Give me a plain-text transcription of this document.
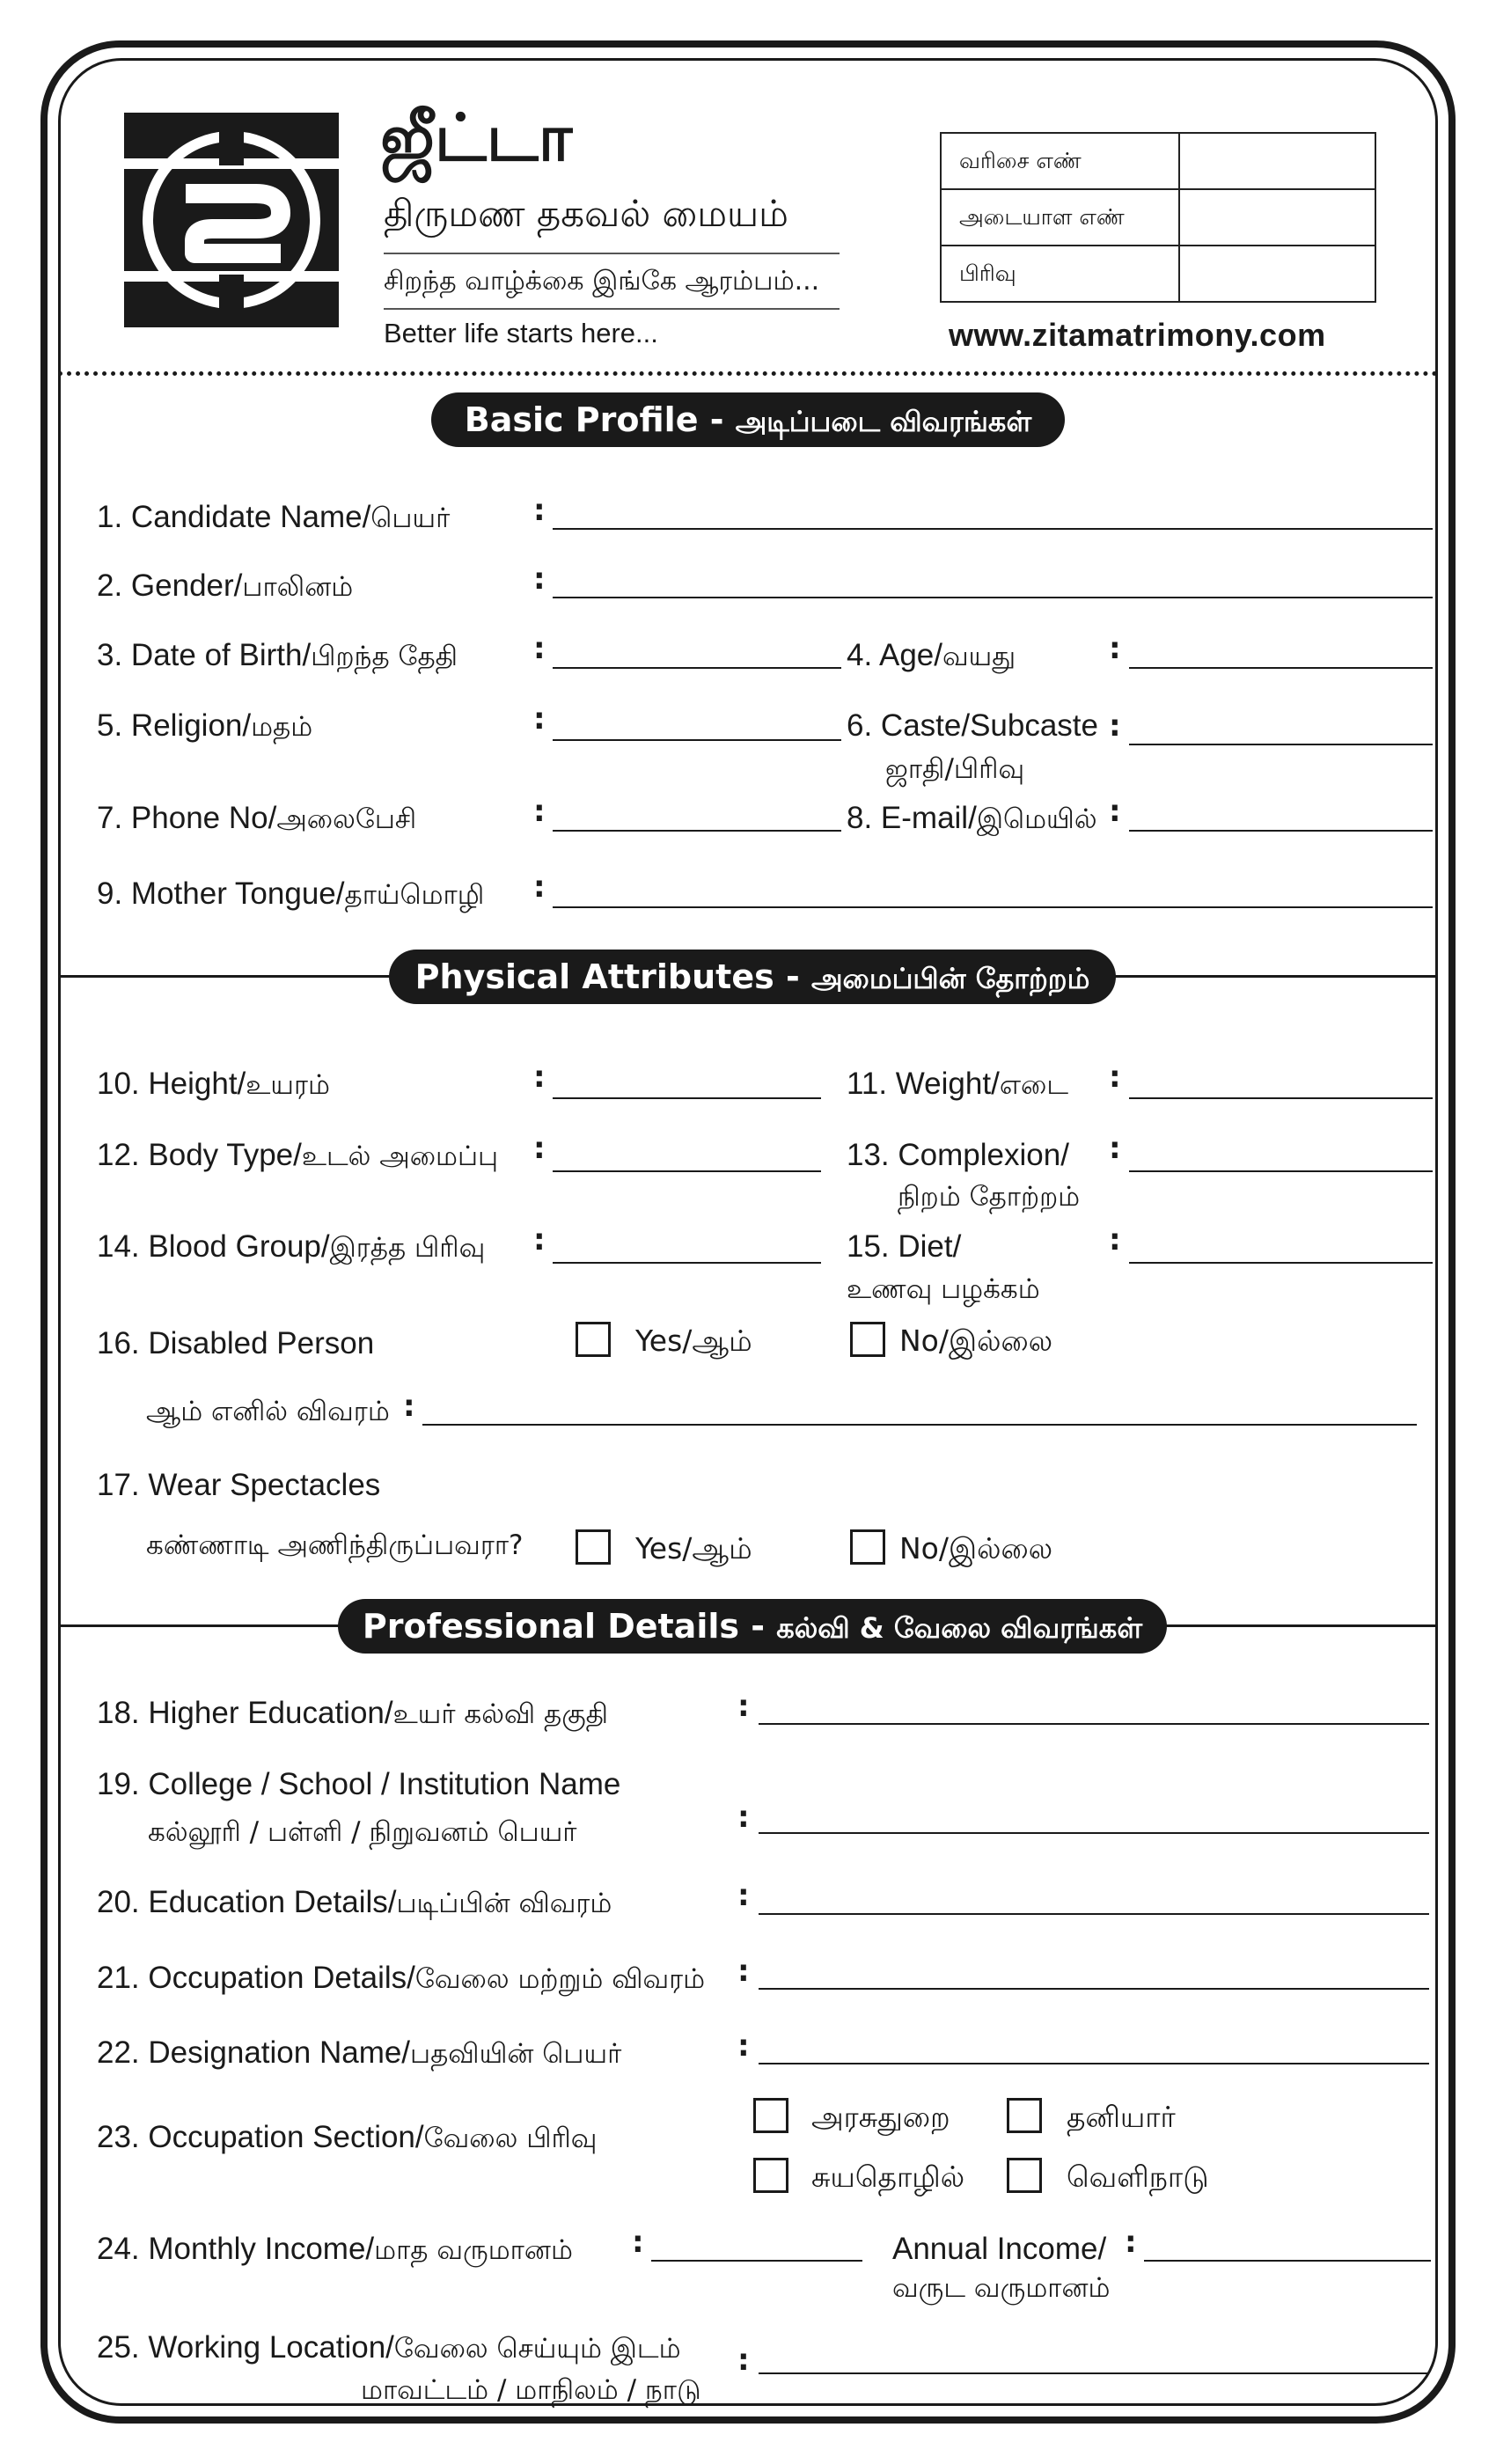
ஜீட்டா
திருமண தகவல் மையம்
சிறந்த வாழ்க்கை இங்கே ஆரம்பம்...
Better life starts here...
வரிசை எண்
அடையாள எண்
பிரிவு
www.zitamatrimony.com
Basic Profile - அடிப்படை விவரங்கள்
1. Candidate Name/பெயர்	:
2. Gender/பாலினம்	:
3. Date of Birth/பிறந்த தேதி	:	4. Age/வயது	:
5. Religion/மதம்	:	6. Caste/Subcaste
ஜாதி/பிரிவு
:
7. Phone No/அலைபேசி	:	8. E-mail/இமெயில் :
9. Mother Tongue/தாய்மொழி :
Physical Attributes - அமைப்பின் தோற்றம்
10. Height/உயரம்	:	11. Weight/எடை :
12. Body Type/உடல் அமைப்பு :	13. Complexion/
நிறம் தோற்றம்
:
14. Blood Group/இரத்த பிரிவு :	15. Diet/
உணவு பழக்கம்
:
16. Disabled Person	Yes/ஆம்	No/இல்லை
ஆம் எனில் விவரம் :
17. Wear Spectacles
கண்ணாடி அணிந்திருப்பவரா?	Yes/ஆம்	No/இல்லை
Professional Details - கல்வி & வேலை விவரங்கள்
18. Higher Education/உயர் கல்வி தகுதி	:
19. College / School / Institution Name
கல்லூரி / பள்ளி / நிறுவனம் பெயர்	:
20. Education Details/படிப்பின் விவரம்	:
21. Occupation Details/வேலை மற்றும் விவரம் :
22. Designation Name/பதவியின் பெயர்	:
23. Occupation Section/வேலை பிரிவு
அரசுதுறை	தனியார்
சுயதொழில்	வெளிநாடு
24. Monthly Income/மாத வருமானம் :	Annual Income/
வருட வருமானம்
:
25. Working Location/வேலை செய்யும் இடம்
மாவட்டம் / மாநிலம் / நாடு
:
